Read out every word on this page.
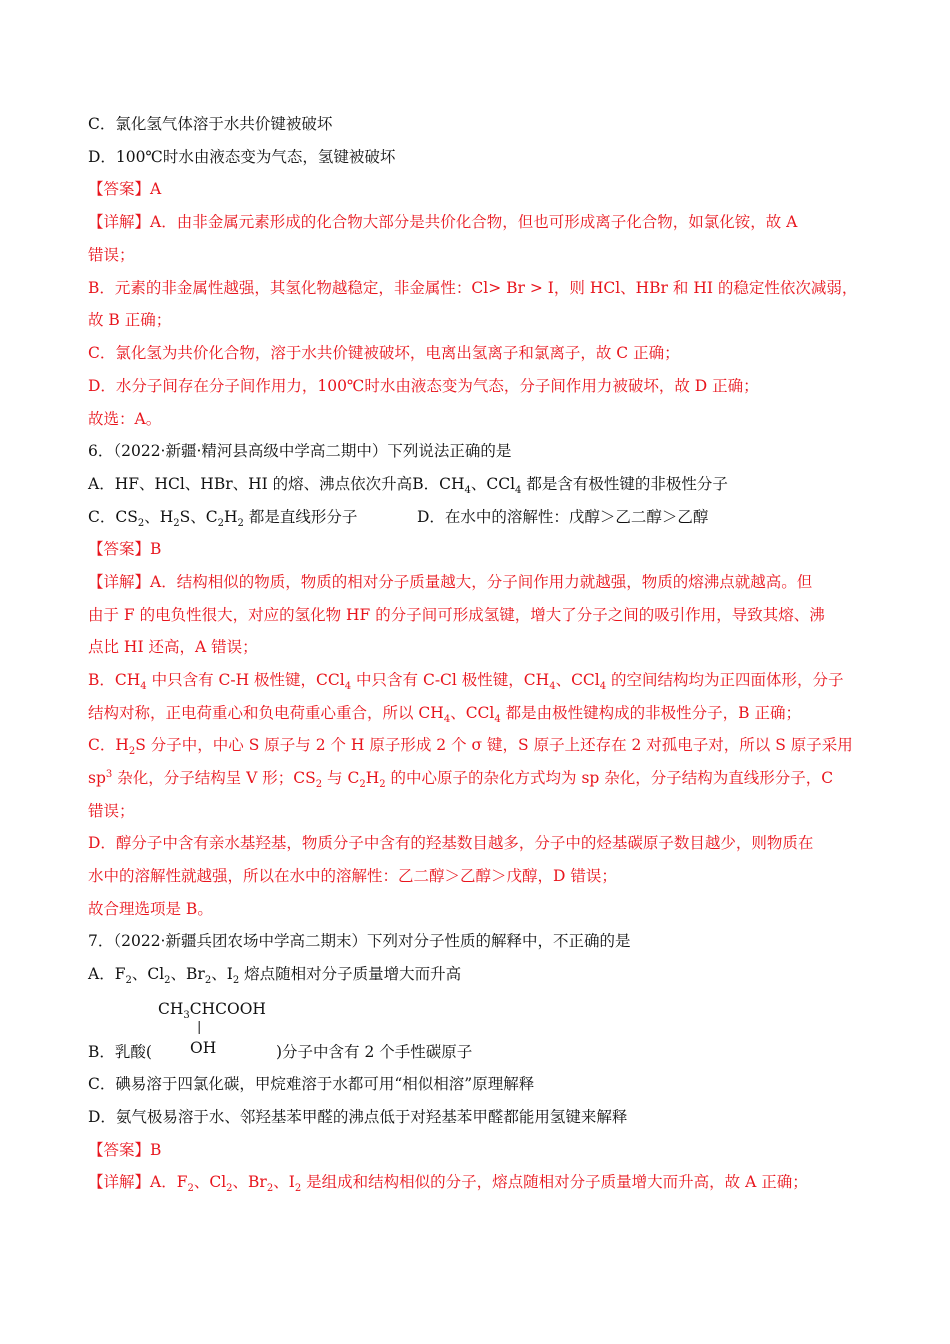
C．氯化氢气体溶于水共价键被破坏
D．100℃时水由液态变为气态，氢键被破坏
【答案】A
【详解】A．由非金属元素形成的化合物大部分是共价化合物，但也可形成离子化合物，如氯化铵，故 A
错误；
B．元素的非金属性越强，其氢化物越稳定，非金属性：Cl> Br > I，则 HCl、HBr 和 HI 的稳定性依次减弱，
故 B 正确；
C．氯化氢为共价化合物，溶于水共价键被破坏，电离出氢离子和氯离子，故 C 正确；
D．水分子间存在分子间作用力，100℃时水由液态变为气态，分子间作用力被破坏，故 D 正确；
故选：A。
6．（2022·新疆·精河县高级中学高二期中）下列说法正确的是
A．HF、HCl、HBr、HI 的熔、沸点依次升高B．$CH_4$、CCl$_4$ 都是含有极性键的非极性分子
C．$CS_2$、$H_2S$、$C_2H_2$ 都是直线形分子	D．在水中的溶解性：戊醇＞乙二醇＞乙醇
【答案】B
【详解】A．结构相似的物质，物质的相对分子质量越大，分子间作用力就越强，物质的熔沸点就越高。但
由于 F 的电负性很大，对应的氢化物 HF 的分子间可形成氢键，增大了分子之间的吸引作用，导致其熔、沸
点比 HI 还高，A 错误；
B．$CH_4$ 中只含有 C-H 极性键，CCl$_4$ 中只含有 C-Cl 极性键，$CH_4$、CCl$_4$ 的空间结构均为正四面体形，分子
结构对称，正电荷重心和负电荷重心重合，所以 $CH_4$、CCl$_4$ 都是由极性键构成的非极性分子，B 正确；
C．$H_2S$ 分子中，中心 S 原子与 2 个 H 原子形成 2 个 σ 键，S 原子上还存在 2 对孤电子对，所以 S 原子采用
$sp^3$ 杂化，分子结构呈 V 形；$CS_2$ 与 $C_2H_2$ 的中心原子的杂化方式均为 sp 杂化，分子结构为直线形分子，C
错误；
D．醇分子中含有亲水基羟基，物质分子中含有的羟基数目越多，分子中的烃基碳原子数目越少，则物质在
水中的溶解性就越强，所以在水中的溶解性：乙二醇＞乙醇＞戊醇，D 错误；
故合理选项是 B。
7．（2022·新疆兵团农场中学高二期末）下列对分子性质的解释中，不正确的是
A．$F_2$、$Cl_2$、$Br_2$、$I_2$ 熔点随相对分子质量增大而升高
$CH_3CHCOOH$
|
OH
B．乳酸(	)分子中含有 2 个手性碳原子
C．碘易溶于四氯化碳，甲烷难溶于水都可用“相似相溶”原理解释
D．氨气极易溶于水、邻羟基苯甲醛的沸点低于对羟基苯甲醛都能用氢键来解释
【答案】B
【详解】A．$F_2$、$Cl_2$、$Br_2$、$I_2$ 是组成和结构相似的分子，熔点随相对分子质量增大而升高，故 A 正确；
